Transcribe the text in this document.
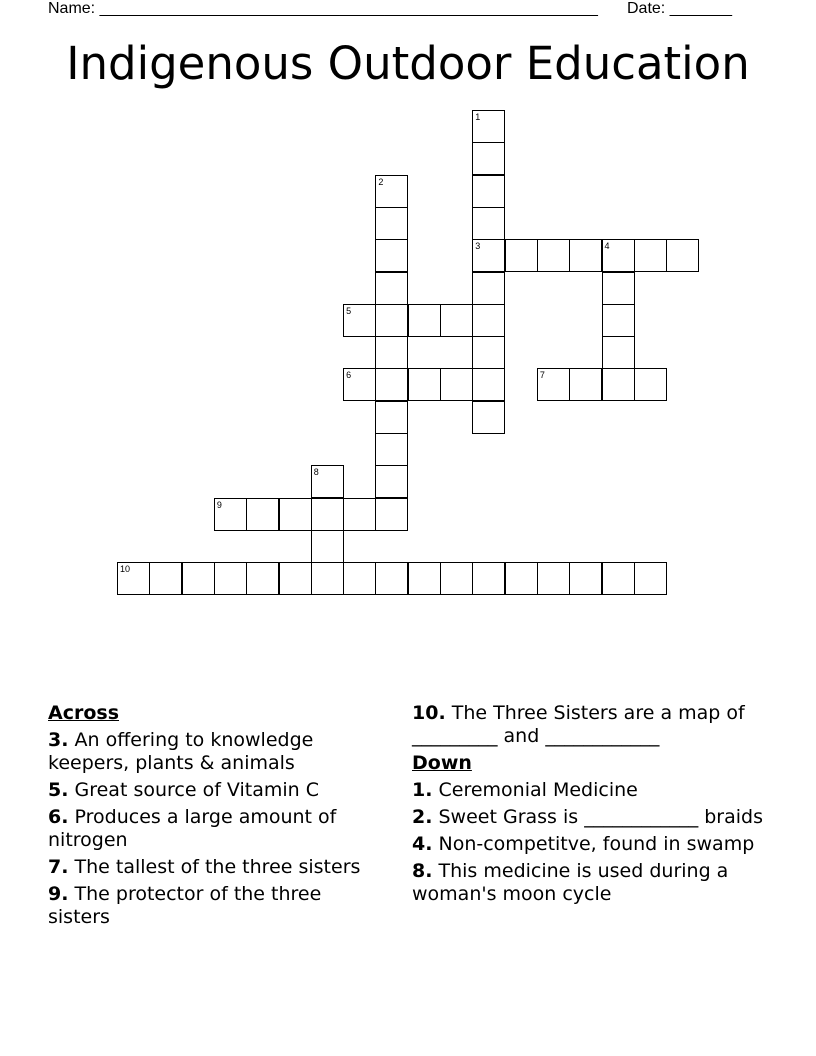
Name: ________________________________________________________

Date: _______

Indigenous Outdoor Education
1
3
2
4
5
6	7
8
9
10
Across
3. An offering to knowledge keepers, plants & animals
5. Great source of Vitamin C
6. Produces a large amount of nitrogen
7. The tallest of the three sisters
9. The protector of the three sisters
10. The Three Sisters are a map of _________ and ____________
Down
1. Ceremonial Medicine
2. Sweet Grass is ____________ braids
4. Non-competitve, found in swamp
8. This medicine is used during a woman's moon cycle
